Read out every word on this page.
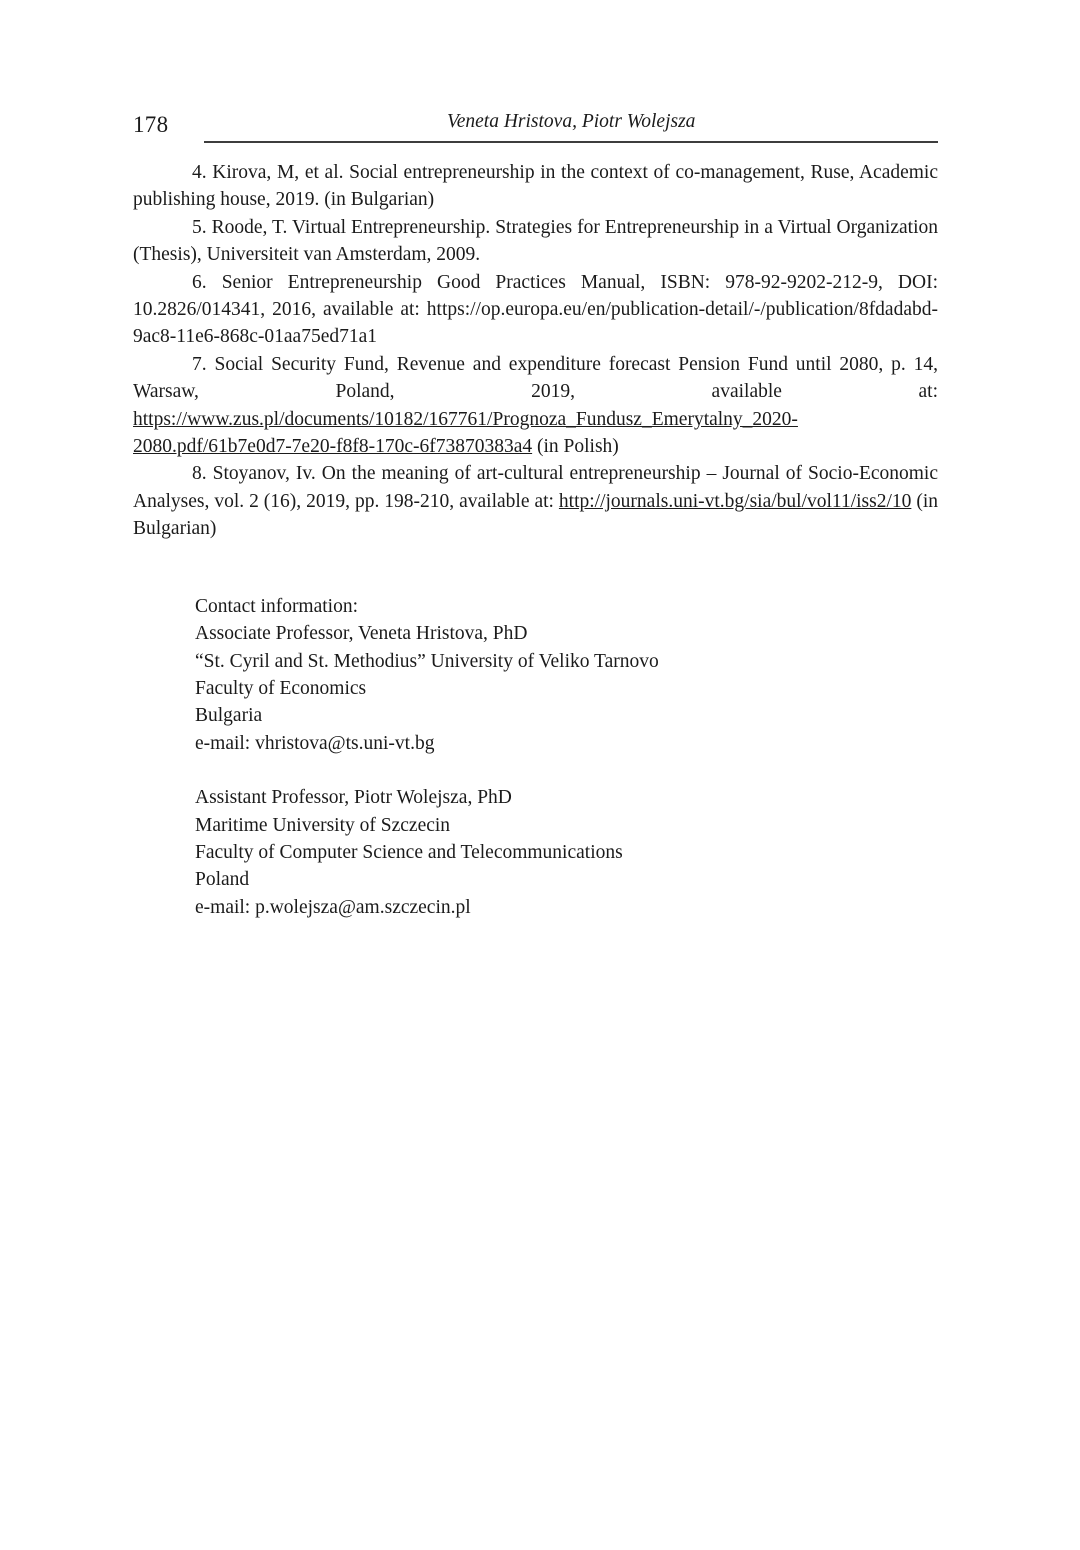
178	Veneta Hristova, Piotr Wolejsza

4. Kirova, M, et al. Social entrepreneurship in the context of co-management, Ruse, Academic publishing house, 2019. (in Bulgarian)

5. Roode, T. Virtual Entrepreneurship. Strategies for Entrepreneurship in a Virtual Organization (Thesis), Universiteit van Amsterdam, 2009.

6. Senior Entrepreneurship Good Practices Manual, ISBN: 978-92-9202-212-9, DOI: 10.2826/014341, 2016, available at: https://op.europa.eu/en/publication-detail/-/publication/8fdadabd-9ac8-11e6-868c-01aa75ed71a1

7. Social Security Fund, Revenue and expenditure forecast Pension Fund until 2080, p. 14, Warsaw, Poland, 2019, available at: https://www.zus.pl/documents/10182/167761/Prognoza_Fundusz_Emerytalny_2020-2080.pdf/61b7e0d7-7e20-f8f8-170c-6f73870383a4 (in Polish)

8. Stoyanov, Iv. On the meaning of art-cultural entrepreneurship – Journal of Socio-Economic Analyses, vol. 2 (16), 2019, pp. 198-210, available at: http://journals.uni-vt.bg/sia/bul/vol11/iss2/10 (in Bulgarian)

Contact information:

Associate Professor, Veneta Hristova, PhD

“St. Cyril and St. Methodius” University of Veliko Tarnovo

Faculty of Economics

Bulgaria

e-mail: vhristova@ts.uni-vt.bg

Assistant Professor, Piotr Wolejsza, PhD

Maritime University of Szczecin

Faculty of Computer Science and Telecommunications

Poland

e-mail: p.wolejsza@am.szczecin.pl
